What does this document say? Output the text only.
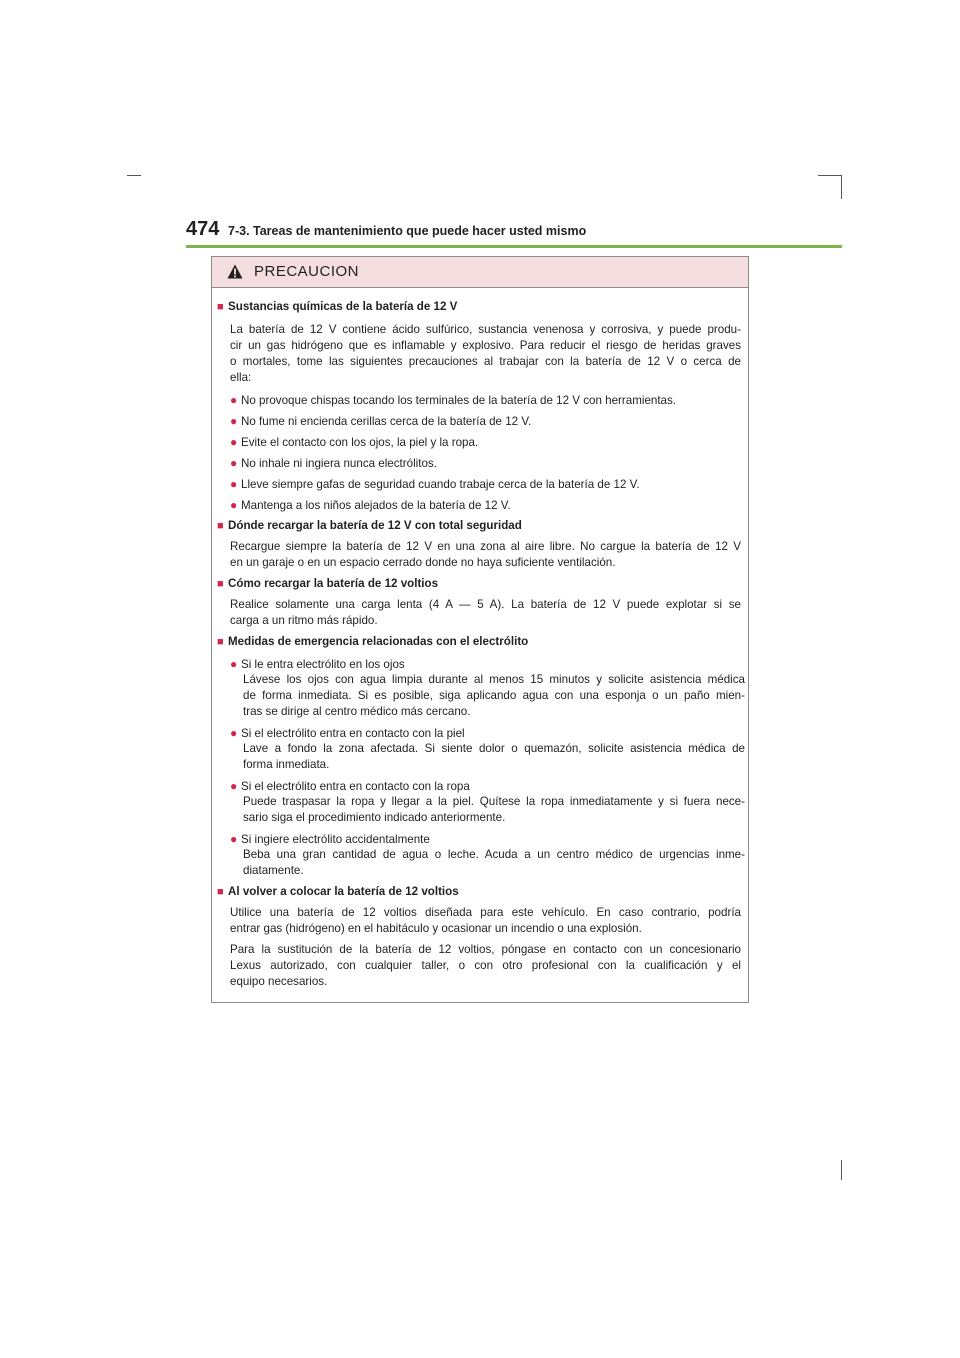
474 7-3. Tareas de mantenimiento que puede hacer usted mismo
PRECAUCION
■ Sustancias químicas de la batería de 12 V
La batería de 12 V contiene ácido sulfúrico, sustancia venenosa y corrosiva, y puede produ-
cir un gas hidrógeno que es inflamable y explosivo. Para reducir el riesgo de heridas graves
o mortales, tome las siguientes precauciones al trabajar con la batería de 12 V o cerca de
ella:
● No provoque chispas tocando los terminales de la batería de 12 V con herramientas.
● No fume ni encienda cerillas cerca de la batería de 12 V.
● Evite el contacto con los ojos, la piel y la ropa.
● No inhale ni ingiera nunca electrólitos.
● Lleve siempre gafas de seguridad cuando trabaje cerca de la batería de 12 V.
● Mantenga a los niños alejados de la batería de 12 V.
■ Dónde recargar la batería de 12 V con total seguridad
Recargue siempre la batería de 12 V en una zona al aire libre. No cargue la batería de 12 V
en un garaje o en un espacio cerrado donde no haya suficiente ventilación.
■ Cómo recargar la batería de 12 voltios
Realice solamente una carga lenta (4 A — 5 A). La batería de 12 V puede explotar si se
carga a un ritmo más rápido.
■ Medidas de emergencia relacionadas con el electrólito
● Si le entra electrólito en los ojos
Lávese los ojos con agua limpia durante al menos 15 minutos y solicite asistencia médica
de forma inmediata. Si es posible, siga aplicando agua con una esponja o un paño mien-
tras se dirige al centro médico más cercano.
● Si el electrólito entra en contacto con la piel
Lave a fondo la zona afectada. Si siente dolor o quemazón, solicite asistencia médica de
forma inmediata.
● Si el electrólito entra en contacto con la ropa
Puede traspasar la ropa y llegar a la piel. Quítese la ropa inmediatamente y si fuera nece-
sario siga el procedimiento indicado anteriormente.
● Si ingiere electrólito accidentalmente
Beba una gran cantidad de agua o leche. Acuda a un centro médico de urgencias inme-
diatamente.
■ Al volver a colocar la batería de 12 voltios
Utilice una batería de 12 voltios diseñada para este vehículo. En caso contrario, podría
entrar gas (hidrógeno) en el habitáculo y ocasionar un incendio o una explosión.
Para la sustitución de la batería de 12 voltios, póngase en contacto con un concesionario
Lexus autorizado, con cualquier taller, o con otro profesional con la cualificación y el
equipo necesarios.
